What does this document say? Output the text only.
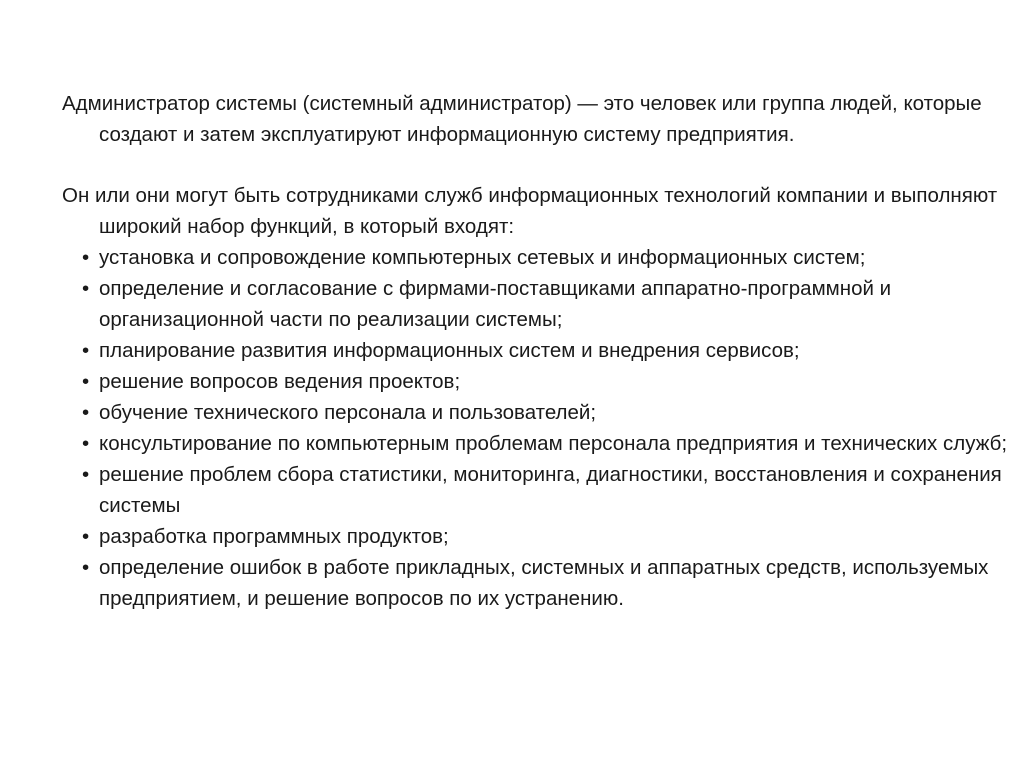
Администратор системы (системный администратор) — это человек или группа людей, которые создают и затем эксплуатируют информационную систему предприятия.

Он или они могут быть сотрудниками служб информационных технологий компании и выполняют широкий набор функций, в который входят:

• установка и сопровождение компьютерных сетевых и информационных систем;
• определение и согласование с фирмами-поставщиками аппаратно-программной и организационной части по реализации системы;
• планирование развития информационных систем и внедрения сервисов;
• решение вопросов ведения проектов;
• обучение технического персонала и пользователей;
• консультирование по компьютерным проблемам персонала предприятия и технических служб;
• решение проблем сбора статистики, мониторинга, диагностики, восстановления и сохранения системы
• разработка программных продуктов;
• определение ошибок в работе прикладных, системных и аппаратных средств, используемых предприятием, и решение вопросов по их устранению.
